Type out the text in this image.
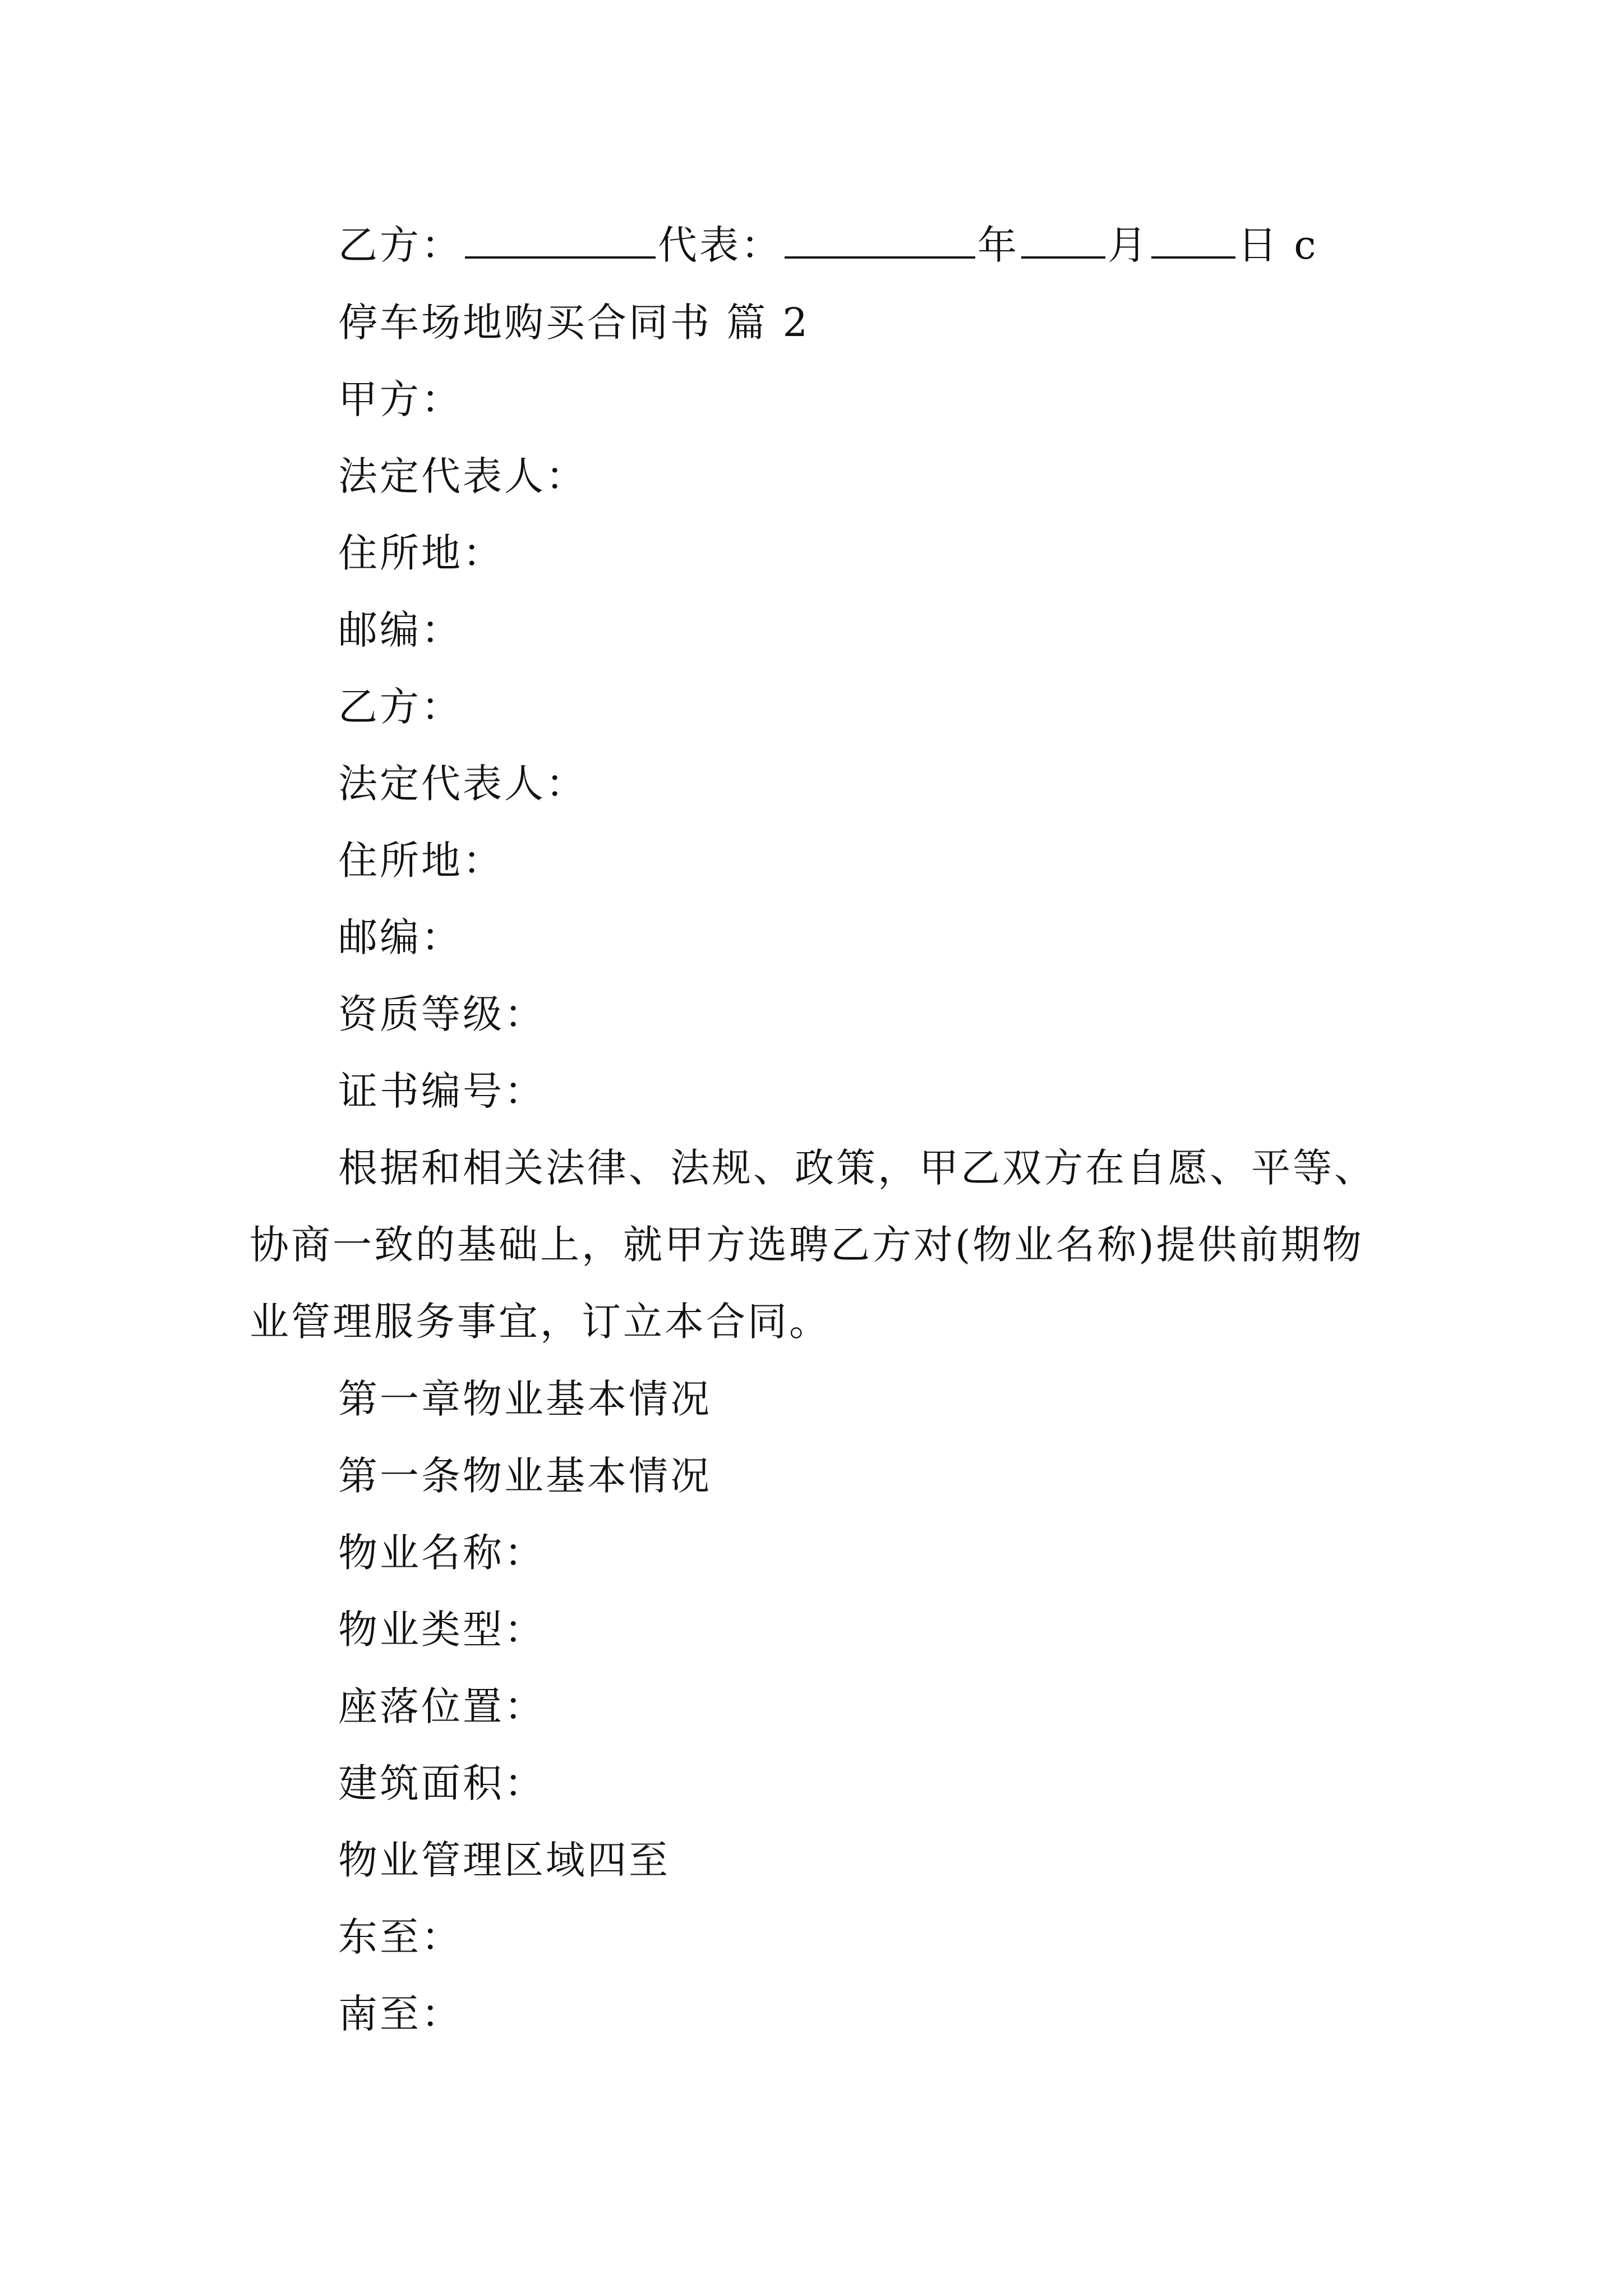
乙方：	代表：	年 月 日 c
停车场地购买合同书 篇 2
甲方：
法定代表人：
住所地：
邮编：
乙方：
法定代表人：
住所地：
邮编：
资质等级：
证书编号：
根据和相关法律、法规、政策，甲乙双方在自愿、平等、协商一致的基础上，就甲方选聘乙方对(物业名称)提供前期物业管理服务事宜，订立本合同。
第一章物业基本情况
第一条物业基本情况
物业名称：
物业类型：
座落位置：
建筑面积：
物业管理区域四至
东至：
南至：
